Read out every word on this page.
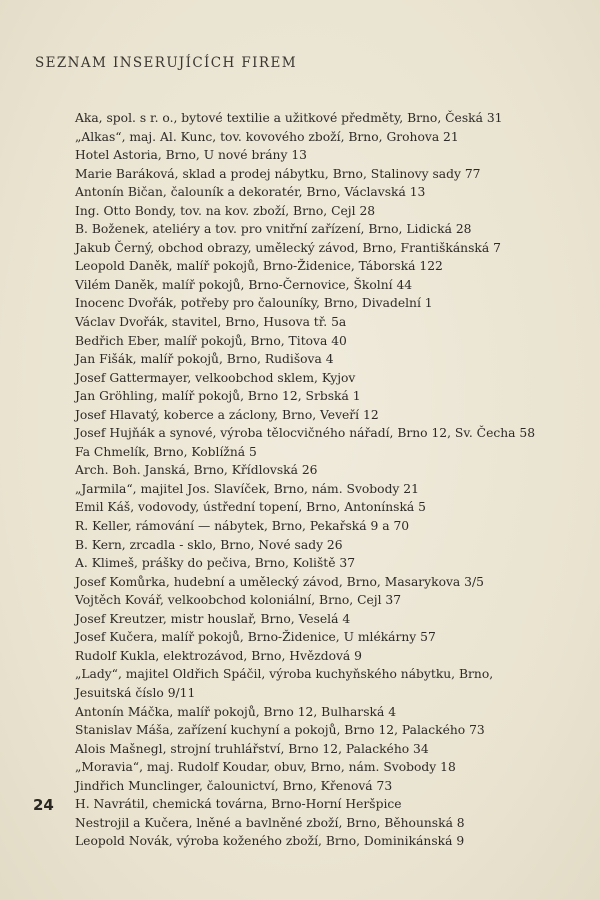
SEZNAM INSERUJÍCÍCH FIREM
Aka, spol. s r. o., bytové textilie a užitkové předměty, Brno, Česká 31
„Alkas“, maj. Al. Kunc, tov. kovového zboží, Brno, Grohova 21
Hotel Astoria, Brno, U nové brány 13
Marie Baráková, sklad a prodej nábytku, Brno, Stalinovy sady 77
Antonín Bičan, čalouník a dekoratér, Brno, Václavská 13
Ing. Otto Bondy, tov. na kov. zboží, Brno, Cejl 28
B. Boženek, ateliéry a tov. pro vnitřní zařízení, Brno, Lidická 28
Jakub Černý, obchod obrazy, umělecký závod, Brno, Františkánská 7
Leopold Daněk, malíř pokojů, Brno-Židenice, Táborská 122
Vilém Daněk, malíř pokojů, Brno-Černovice, Školní 44
Inocenc Dvořák, potřeby pro čalouníky, Brno, Divadelní 1
Václav Dvořák, stavitel, Brno, Husova tř. 5a
Bedřich Eber, malíř pokojů, Brno, Titova 40
Jan Fišák, malíř pokojů, Brno, Rudišova 4
Josef Gattermayer, velkoobchod sklem, Kyjov
Jan Gröhling, malíř pokojů, Brno 12, Srbská 1
Josef Hlavatý, koberce a záclony, Brno, Veveří 12
Josef Hujňák a synové, výroba tělocvičného nářadí, Brno 12, Sv. Čecha 58
Fa Chmelík, Brno, Koblížná 5
Arch. Boh. Janská, Brno, Křídlovská 26
„Jarmila“, majitel Jos. Slavíček, Brno, nám. Svobody 21
Emil Káš, vodovody, ústřední topení, Brno, Antonínská 5
R. Keller, rámování — nábytek, Brno, Pekařská 9 a 70
B. Kern, zrcadla - sklo, Brno, Nové sady 26
A. Klimeš, prášky do pečiva, Brno, Koliště 37
Josef Komůrka, hudební a umělecký závod, Brno, Masarykova 3/5
Vojtěch Kovář, velkoobchod koloniální, Brno, Cejl 37
Josef Kreutzer, mistr houslař, Brno, Veselá 4
Josef Kučera, malíř pokojů, Brno-Židenice, U mlékárny 57
Rudolf Kukla, elektrozávod, Brno, Hvězdová 9
„Lady“, majitel Oldřich Spáčil, výroba kuchyňského nábytku, Brno,
Jesuitská číslo 9/11
Antonín Máčka, malíř pokojů, Brno 12, Bulharská 4
Stanislav Máša, zařízení kuchyní a pokojů, Brno 12, Palackého 73
Alois Mašnegl, strojní truhlářství, Brno 12, Palackého 34
„Moravia“, maj. Rudolf Koudar, obuv, Brno, nám. Svobody 18
Jindřich Munclinger, čalounictví, Brno, Křenová 73
H. Navrátil, chemická továrna, Brno-Horní Heršpice
Nestrojil a Kučera, lněné a bavlněné zboží, Brno, Běhounská 8
Leopold Novák, výroba koženého zboží, Brno, Dominikánská 9
24
